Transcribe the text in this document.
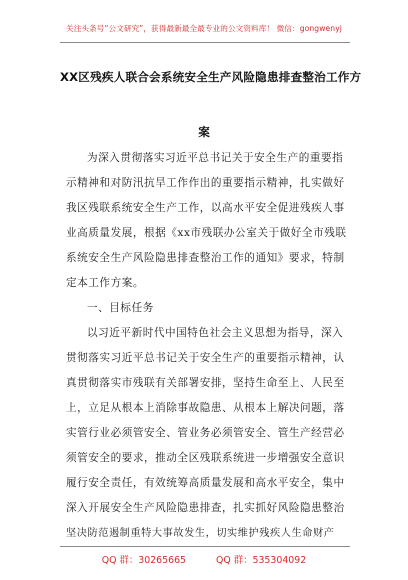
关注头条号“公文研究”，获得最新最全最专业的公文资料库！ 微信：gongwenyj
XX区残疾人联合会系统安全生产风险隐患排查整治工作方
案
为深入贯彻落实习近平总书记关于安全生产的重要指
示精神和对防汛抗旱工作作出的重要指示精神，扎实做好
我区残联系统安全生产工作，以高水平安全促进残疾人事
业高质量发展，根据《xx市残联办公室关于做好全市残联
系统安全生产风险隐患排查整治工作的通知》要求，特制
定本工作方案。
一、目标任务
以习近平新时代中国特色社会主义思想为指导，深入
贯彻落实习近平总书记关于安全生产的重要指示精神，认
真贯彻落实市残联有关部署安排，坚持生命至上、人民至
上，立足从根本上消除事故隐患、从根本上解决问题，落
实管行业必须管安全、管业务必须管安全、管生产经营必
须管安全的要求，推动全区残联系统进一步增强安全意识
履行安全责任，有效统筹高质量发展和高水平安全，集中
深入开展安全生产风险隐患排查，扎实抓好风险隐患整治
坚决防范遏制重特大事故发生，切实维护残疾人生命财产
QQ 群：30265665	QQ 群：535304092
